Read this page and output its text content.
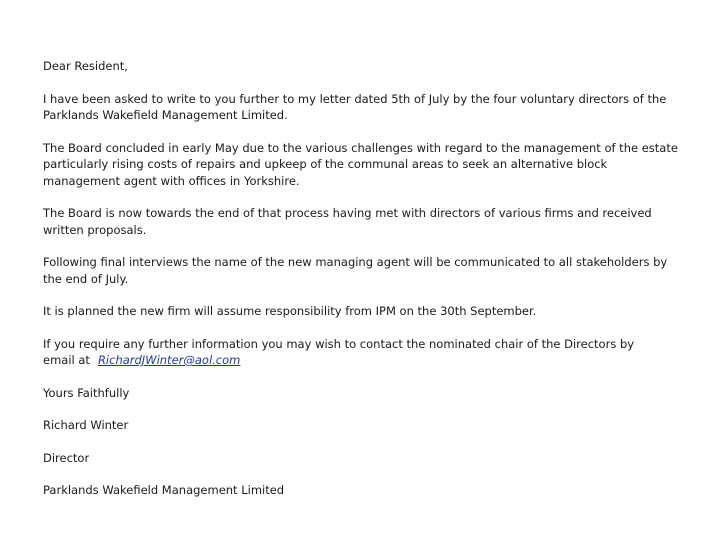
Dear Resident,

I have been asked to write to you further to my letter dated 5th of July by the four voluntary directors of the Parklands Wakefield Management Limited.

The Board concluded in early May due to the various challenges with regard to the management of the estate particularly rising costs of repairs and upkeep of the communal areas to seek an alternative block management agent with offices in Yorkshire.

The Board is now towards the end of that process having met with directors of various firms and received written proposals.

Following final interviews the name of the new managing agent will be communicated to all stakeholders by the end of July.

It is planned the new firm will assume responsibility from IPM on the 30th September.

If you require any further information you may wish to contact the nominated chair of the Directors by
email at RichardJWinter@aol.com

Yours Faithfully

Richard Winter

Director

Parklands Wakefield Management Limited
